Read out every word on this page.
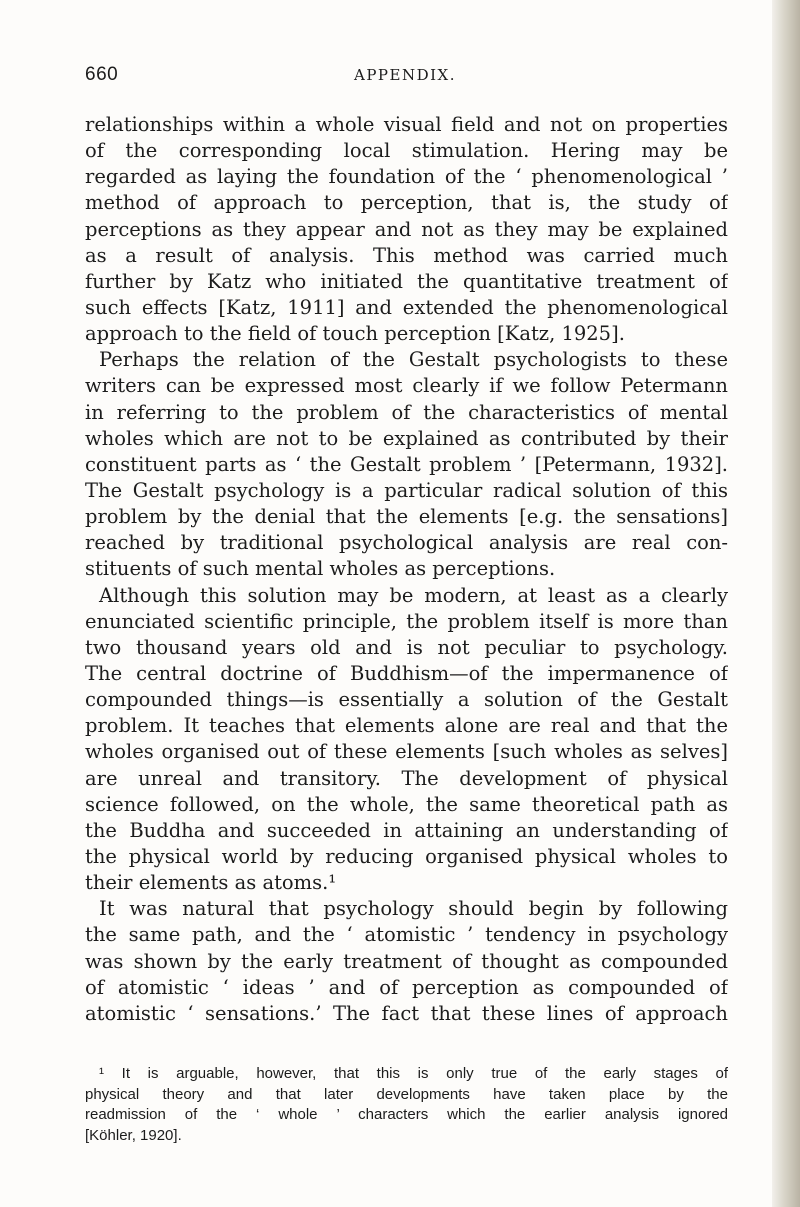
660	APPENDIX.
relationships within a whole visual field and not on properties
of the corresponding local stimulation. Hering may be
regarded as laying the foundation of the ‘ phenomenological ’
method of approach to perception, that is, the study of
perceptions as they appear and not as they may be explained
as a result of analysis. This method was carried much
further by Katz who initiated the quantitative treatment of
such effects [Katz, 1911] and extended the phenomenological
approach to the field of touch perception [Katz, 1925].
Perhaps the relation of the Gestalt psychologists to these
writers can be expressed most clearly if we follow Petermann
in referring to the problem of the characteristics of mental
wholes which are not to be explained as contributed by their
constituent parts as ‘ the Gestalt problem ’ [Petermann, 1932].
The Gestalt psychology is a particular radical solution of this
problem by the denial that the elements [e.g. the sensations]
reached by traditional psychological analysis are real con-
stituents of such mental wholes as perceptions.
Although this solution may be modern, at least as a clearly
enunciated scientific principle, the problem itself is more than
two thousand years old and is not peculiar to psychology.
The central doctrine of Buddhism—of the impermanence of
compounded things—is essentially a solution of the Gestalt
problem. It teaches that elements alone are real and that the
wholes organised out of these elements [such wholes as selves]
are unreal and transitory. The development of physical
science followed, on the whole, the same theoretical path as
the Buddha and succeeded in attaining an understanding of
the physical world by reducing organised physical wholes to
their elements as atoms.¹
It was natural that psychology should begin by following
the same path, and the ‘ atomistic ’ tendency in psychology
was shown by the early treatment of thought as compounded
of atomistic ‘ ideas ’ and of perception as compounded of
atomistic ‘ sensations.’ The fact that these lines of approach
¹ It is arguable, however, that this is only true of the early stages of
physical theory and that later developments have taken place by the
readmission of the ‘ whole ’ characters which the earlier analysis ignored
[Köhler, 1920].
